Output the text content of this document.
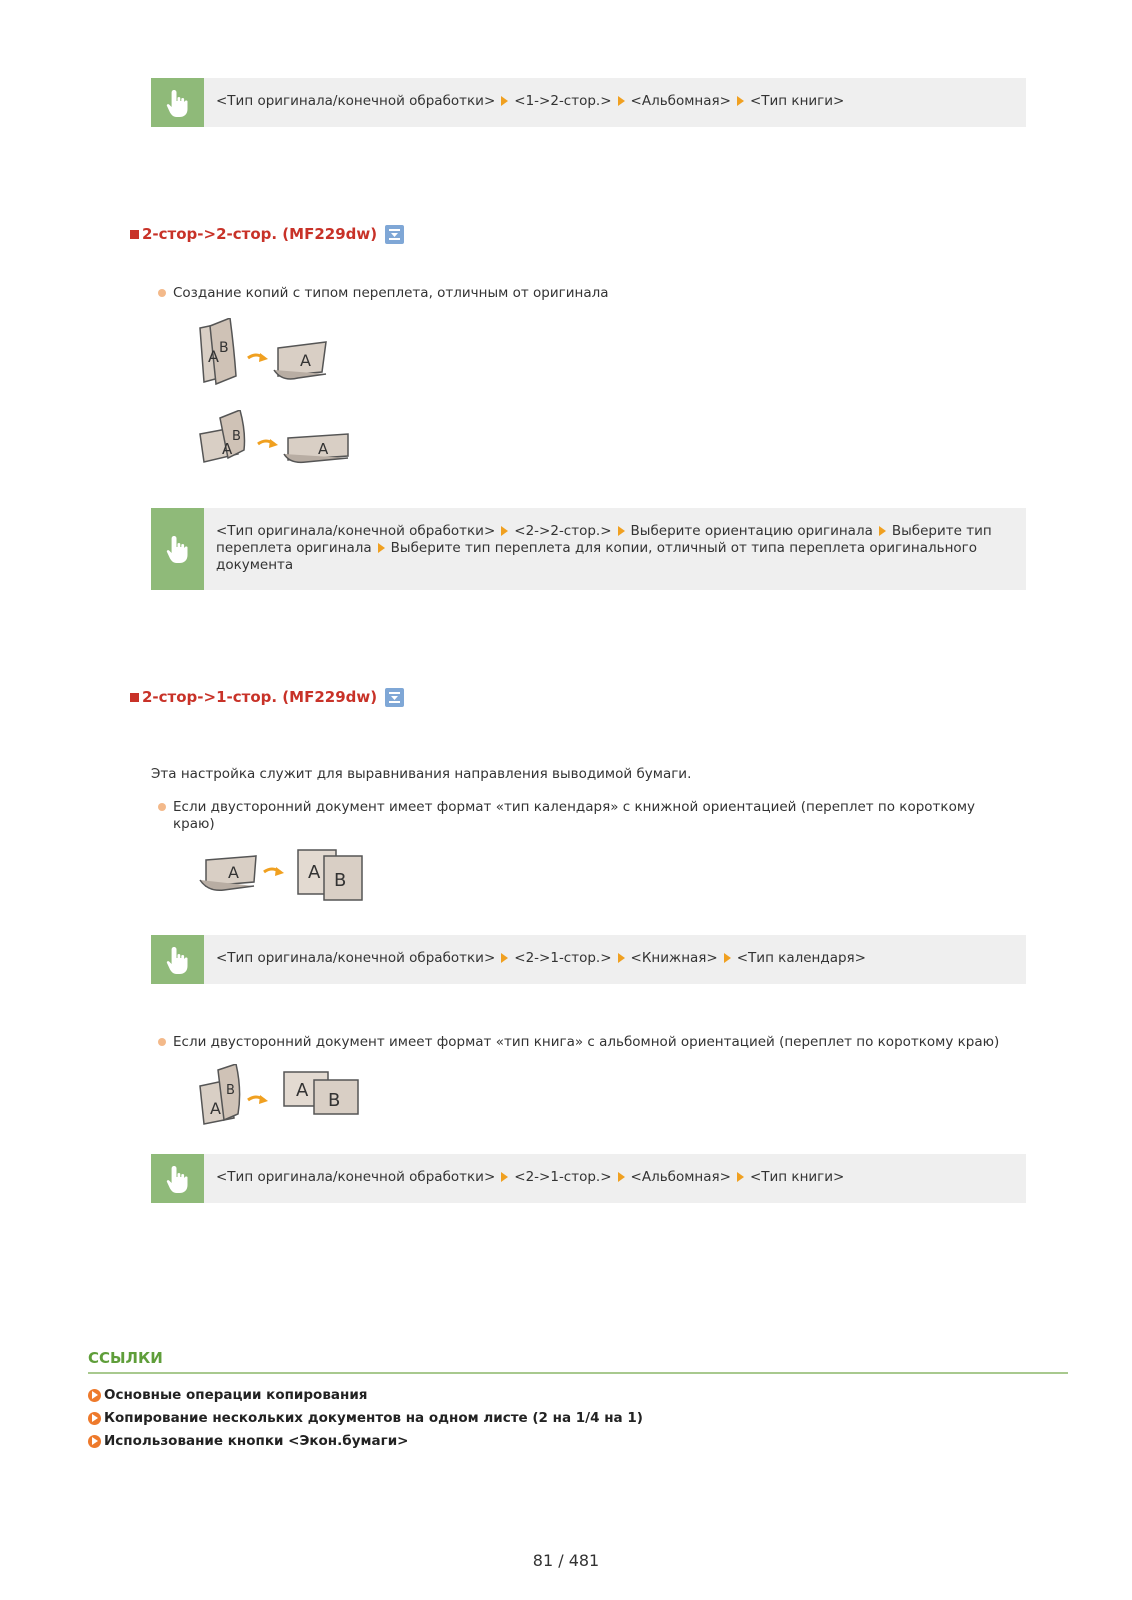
<Тип оригинала/конечной обработки> <1->2-стор.> <Альбомная> <Тип книги>
2-стор->2-стор. (MF229dw)
Создание копий с типом переплета, отличным от оригинала
A B
A
A
B
A
<Тип оригинала/конечной обработки> <2->2-стор.> Выберите ориентацию оригинала Выберите тип переплета оригинала Выберите тип переплета для копии, отличный от типа переплета оригинального документа
2-стор->1-стор. (MF229dw)
Эта настройка служит для выравнивания направления выводимой бумаги.
Если двусторонний документ имеет формат «тип календаря» с книжной ориентацией (переплет по короткому краю)
A	A B
<Тип оригинала/конечной обработки> <2->1-стор.> <Книжная> <Тип календаря>
Если двусторонний документ имеет формат «тип книга» с альбомной ориентацией (переплет по короткому краю)
A
B	A B
<Тип оригинала/конечной обработки> <2->1-стор.> <Альбомная> <Тип книги>
ССЫЛКИ
Основные операции копирования
Копирование нескольких документов на одном листе (2 на 1/4 на 1)
Использование кнопки <Экон.бумаги>
81 / 481
